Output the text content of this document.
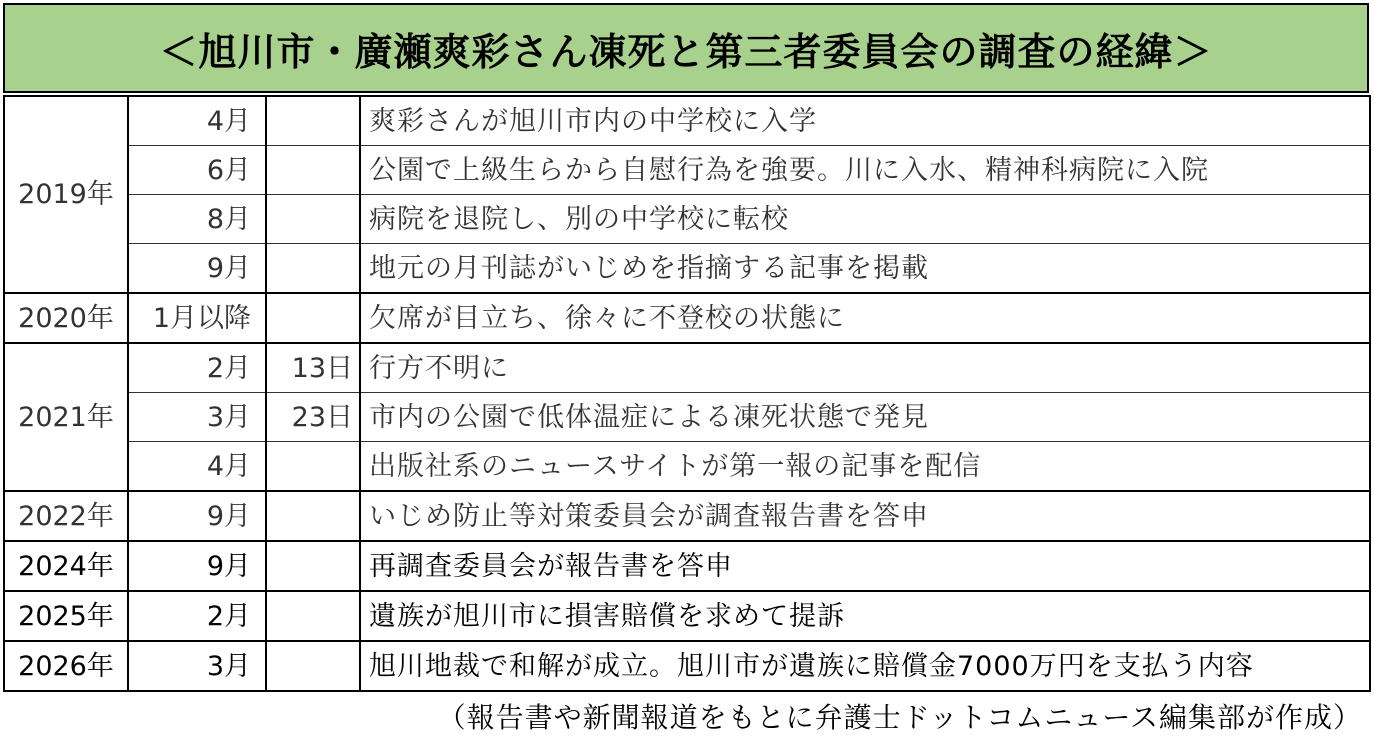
＜旭川市・廣瀬爽彩さん凍死と第三者委員会の調査の経緯＞
2019年	4月		爽彩さんが旭川市内の中学校に入学
	6月		公園で上級生らから自慰行為を強要。川に入水、精神科病院に入院
	8月		病院を退院し、別の中学校に転校
	9月		地元の月刊誌がいじめを指摘する記事を掲載
2020年	1月以降		欠席が目立ち、徐々に不登校の状態に
2021年	2月	13日	行方不明に
	3月	23日	市内の公園で低体温症による凍死状態で発見
	4月		出版社系のニュースサイトが第一報の記事を配信
2022年	9月		いじめ防止等対策委員会が調査報告書を答申
2024年	9月		再調査委員会が報告書を答申
2025年	2月		遺族が旭川市に損害賠償を求めて提訴
2026年	3月		旭川地裁で和解が成立。旭川市が遺族に賠償金7000万円を支払う内容
（報告書や新聞報道をもとに弁護士ドットコムニュース編集部が作成）
